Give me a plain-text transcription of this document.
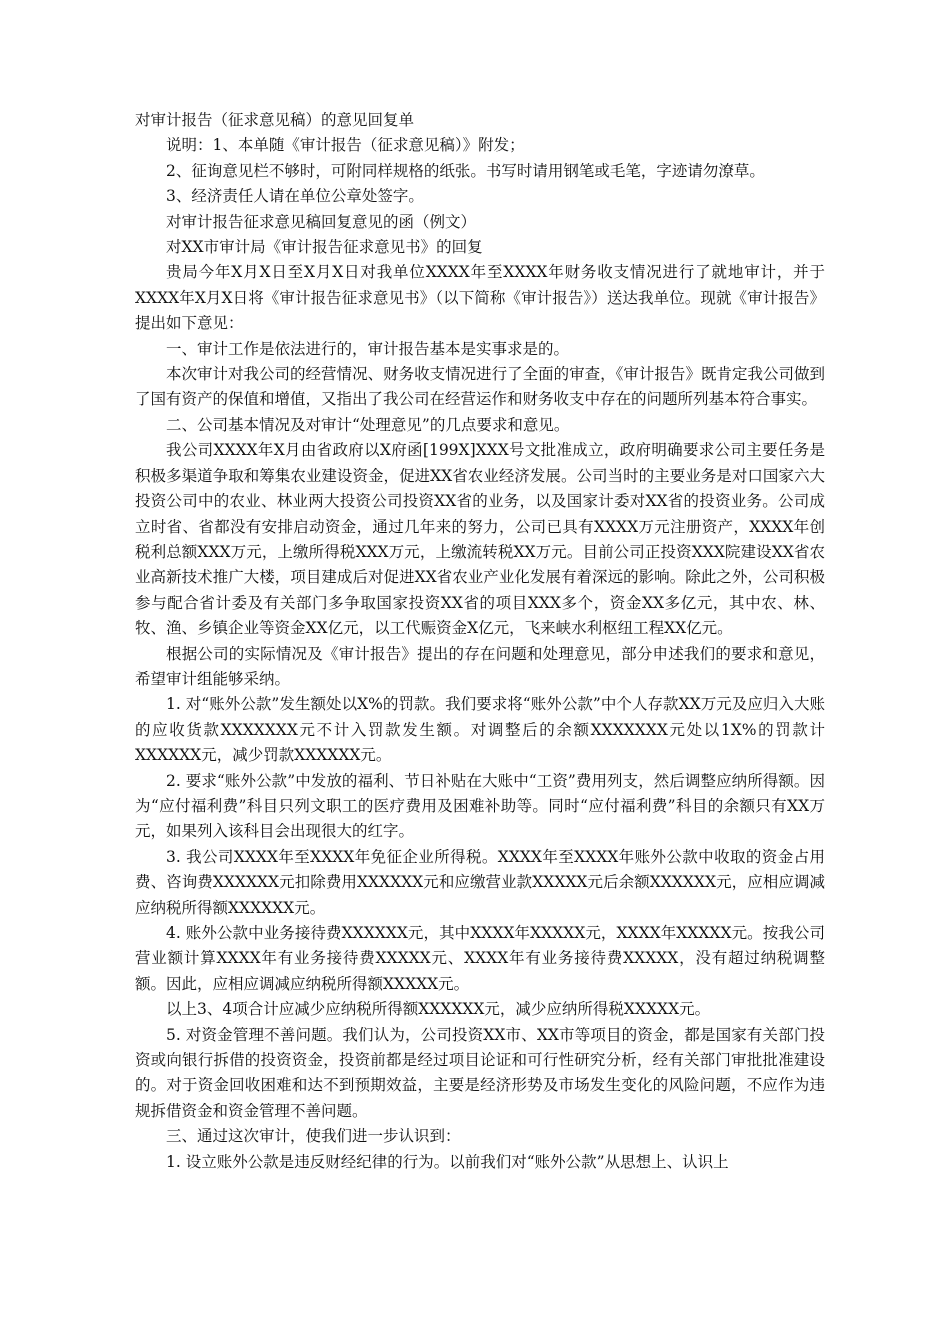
对审计报告（征求意见稿）的意见回复单

说明：1、本单随《审计报告（征求意见稿）》附发；

2、征询意见栏不够时，可附同样规格的纸张。书写时请用钢笔或毛笔，字迹请勿潦草。

3、经济责任人请在单位公章处签字。

对审计报告征求意见稿回复意见的函（例文）

对XX市审计局《审计报告征求意见书》的回复

贵局今年X月X日至X月X日对我单位XXXX年至XXXX年财务收支情况进行了就地审计，并于XXXX年X月X日将《审计报告征求意见书》（以下简称《审计报告》）送达我单位。现就《审计报告》提出如下意见：

一、审计工作是依法进行的，审计报告基本是实事求是的。

本次审计对我公司的经营情况、财务收支情况进行了全面的审查，《审计报告》既肯定我公司做到了国有资产的保值和增值，又指出了我公司在经营运作和财务收支中存在的问题所列基本符合事实。

二、公司基本情况及对审计“处理意见”的几点要求和意见。

我公司XXXX年X月由省政府以X府函[199X]XXX号文批准成立，政府明确要求公司主要任务是积极多渠道争取和筹集农业建设资金，促进XX省农业经济发展。公司当时的主要业务是对口国家六大投资公司中的农业、林业两大投资公司投资XX省的业务，以及国家计委对XX省的投资业务。公司成立时省、省都没有安排启动资金，通过几年来的努力，公司已具有XXXX万元注册资产，XXXX年创税利总额XXX万元，上缴所得税XXX万元，上缴流转税XX万元。目前公司正投资XXX院建设XX省农业高新技术推广大楼，项目建成后对促进XX省农业产业化发展有着深远的影响。除此之外，公司积极参与配合省计委及有关部门多争取国家投资XX省的项目XXX多个，资金XX多亿元，其中农、林、牧、渔、乡镇企业等资金XX亿元，以工代赈资金X亿元，飞来峡水利枢纽工程XX亿元。

根据公司的实际情况及《审计报告》提出的存在问题和处理意见，部分申述我们的要求和意见，希望审计组能够采纳。

1. 对“账外公款”发生额处以X%的罚款。我们要求将“账外公款”中个人存款XX万元及应归入大账的应收货款XXXXXXX元不计入罚款发生额。对调整后的余额XXXXXXX元处以1X%的罚款计XXXXXX元，减少罚款XXXXXX元。

2. 要求“账外公款”中发放的福利、节日补贴在大账中“工资”费用列支，然后调整应纳所得额。因为“应付福利费”科目只列文职工的医疗费用及困难补助等。同时“应付福利费”科目的余额只有XX万元，如果列入该科目会出现很大的红字。

3. 我公司XXXX年至XXXX年免征企业所得税。XXXX年至XXXX年账外公款中收取的资金占用费、咨询费XXXXXX元扣除费用XXXXXX元和应缴营业款XXXXX元后余额XXXXXX元，应相应调减应纳税所得额XXXXXX元。

4. 账外公款中业务接待费XXXXXX元，其中XXXX年XXXXX元，XXXX年XXXXX元。按我公司营业额计算XXXX年有业务接待费XXXXX元、XXXX年有业务接待费XXXXX，没有超过纳税调整额。因此，应相应调减应纳税所得额XXXXX元。

以上3、4项合计应减少应纳税所得额XXXXXX元，减少应纳所得税XXXXX元。

5. 对资金管理不善问题。我们认为，公司投资XX市、XX市等项目的资金，都是国家有关部门投资或向银行拆借的投资资金，投资前都是经过项目论证和可行性研究分析，经有关部门审批批准建设的。对于资金回收困难和达不到预期效益，主要是经济形势及市场发生变化的风险问题，不应作为违规拆借资金和资金管理不善问题。

三、通过这次审计，使我们进一步认识到：

1. 设立账外公款是违反财经纪律的行为。以前我们对“账外公款”从思想上、认识上
